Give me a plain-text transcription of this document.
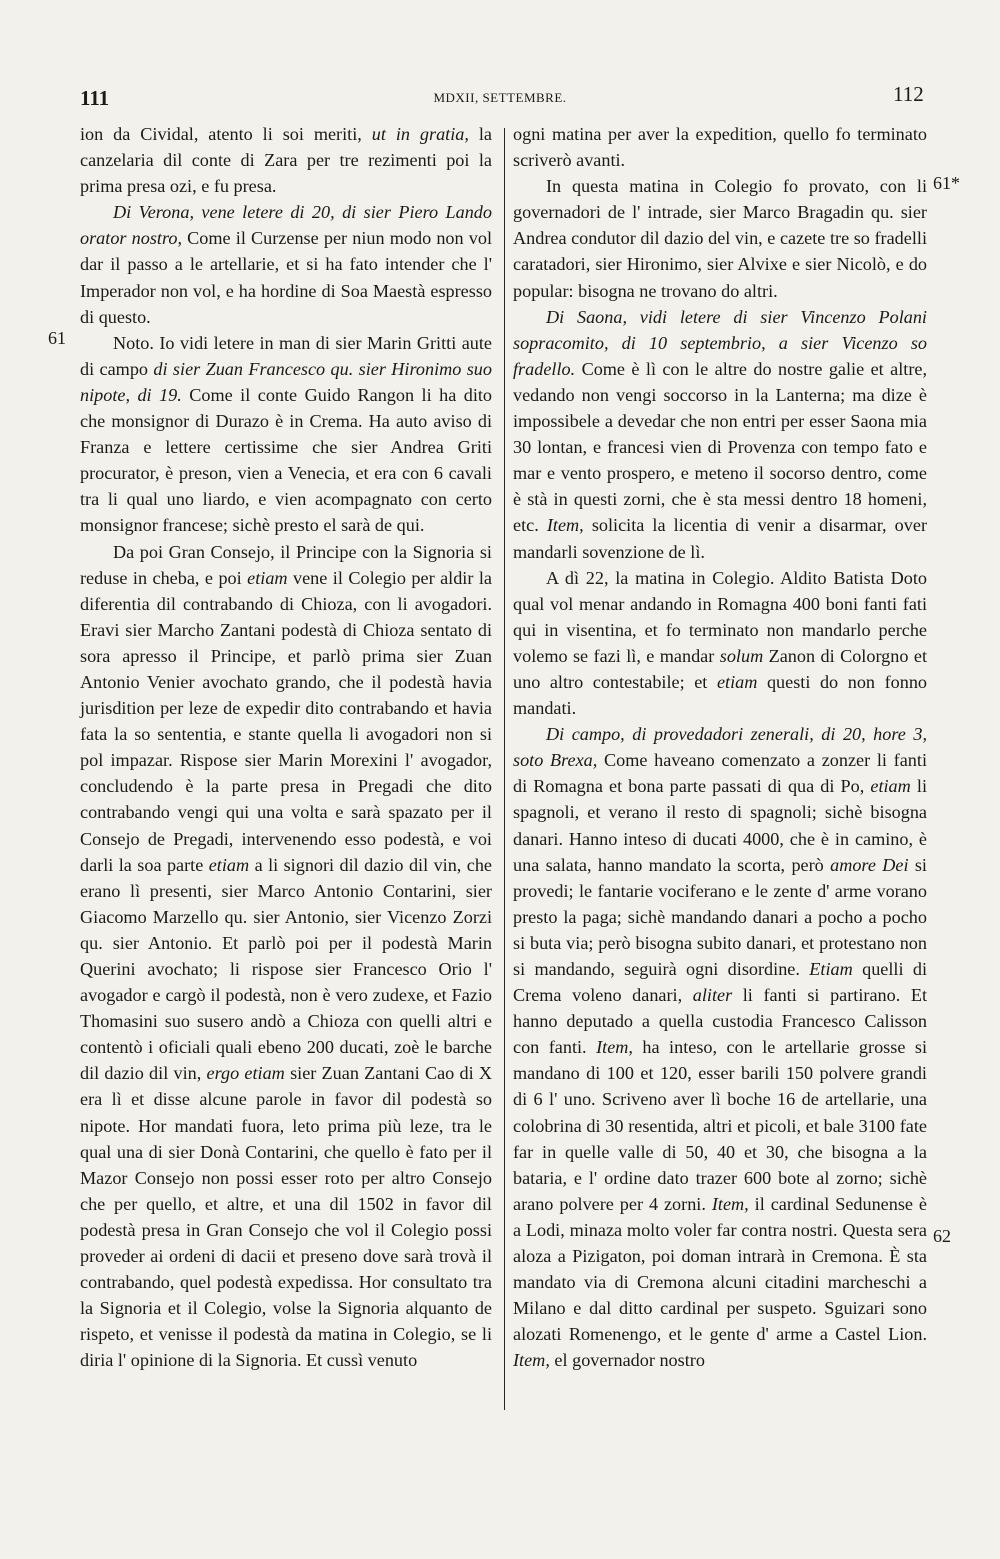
111	MDXII, SETTEMBRE.	112
61
61*
62

ion da Cividal, atento li soi meriti, ut in gratia, la canzelaria dil conte di Zara per tre rezimenti poi la prima presa ozi, e fu presa.

Di Verona, vene letere di 20, di sier Piero Lando orator nostro, Come il Curzense per niun modo non vol dar il passo a le artellarie, et si ha fato intender che l' Imperador non vol, e ha hordine di Soa Maestà espresso di questo.

Noto. Io vidi letere in man di sier Marin Gritti aute di campo di sier Zuan Francesco qu. sier Hironimo suo nipote, di 19. Come il conte Guido Rangon li ha dito che monsignor di Durazo è in Crema. Ha auto aviso di Franza e lettere certissime che sier Andrea Griti procurator, è preson, vien a Venecia, et era con 6 cavali tra li qual uno liardo, e vien acompagnato con certo monsignor francese; sichè presto el sarà de qui.

Da poi Gran Consejo, il Principe con la Signoria si reduse in cheba, e poi etiam vene il Colegio per aldir la diferentia dil contrabando di Chioza, con li avogadori. Eravi sier Marcho Zantani podestà di Chioza sentato di sora apresso il Principe, et parlò prima sier Zuan Antonio Venier avochato grando, che il podestà havia jurisdition per leze de expedir dito contrabando et havia fata la so sententia, e stante quella li avogadori non si pol impazar. Rispose sier Marin Morexini l' avogador, concludendo è la parte presa in Pregadi che dito contrabando vengi qui una volta e sarà spazato per il Consejo de Pregadi, intervenendo esso podestà, e voi darli la soa parte etiam a li signori dil dazio dil vin, che erano lì presenti, sier Marco Antonio Contarini, sier Giacomo Marzello qu. sier Antonio, sier Vicenzo Zorzi qu. sier Antonio. Et parlò poi per il podestà Marin Querini avochato; li rispose sier Francesco Orio l' avogador e cargò il podestà, non è vero zudexe, et Fazio Thomasini suo susero andò a Chioza con quelli altri e contentò i oficiali quali ebeno 200 ducati, zoè le barche dil dazio dil vin, ergo etiam sier Zuan Zantani Cao di X era lì et disse alcune parole in favor dil podestà so nipote. Hor mandati fuora, leto prima più leze, tra le qual una di sier Donà Contarini, che quello è fato per il Mazor Consejo non possi esser roto per altro Consejo che per quello, et altre, et una dil 1502 in favor dil podestà presa in Gran Consejo che vol il Colegio possi proveder ai ordeni di dacii et preseno dove sarà trovà il contrabando, quel podestà expedissa. Hor consultato tra la Signoria et il Colegio, volse la Signoria alquanto de rispeto, et venisse il podestà da matina in Colegio, se li diria l' opinione di la Signoria. Et cussì venuto

ogni matina per aver la expedition, quello fo terminato scriverò avanti.

In questa matina in Colegio fo provato, con li governadori de l' intrade, sier Marco Bragadin qu. sier Andrea condutor dil dazio del vin, e cazete tre so fradelli caratadori, sier Hironimo, sier Alvixe e sier Nicolò, e do popular: bisogna ne trovano do altri.

Di Saona, vidi letere di sier Vincenzo Polani sopracomito, di 10 septembrio, a sier Vicenzo so fradello. Come è lì con le altre do nostre galie et altre, vedando non vengi soccorso in la Lanterna; ma dize è impossibele a devedar che non entri per esser Saona mia 30 lontan, e francesi vien di Provenza con tempo fato e mar e vento prospero, e meteno il socorso dentro, come è stà in questi zorni, che è sta messi dentro 18 homeni, etc. Item, solicita la licentia di venir a disarmar, over mandarli sovenzione de lì.

A dì 22, la matina in Colegio. Aldito Batista Doto qual vol menar andando in Romagna 400 boni fanti fati qui in visentina, et fo terminato non mandarlo perche volemo se fazi lì, e mandar solum Zanon di Colorgno et uno altro contestabile; et etiam questi do non fonno mandati.

Di campo, di provedadori zenerali, di 20, hore 3, soto Brexa, Come haveano comenzato a zonzer li fanti di Romagna et bona parte passati di qua di Po, etiam li spagnoli, et verano il resto di spagnoli; sichè bisogna danari. Hanno inteso di ducati 4000, che è in camino, è una salata, hanno mandato la scorta, però amore Dei si provedi; le fantarie vociferano e le zente d' arme vorano presto la paga; sichè mandando danari a pocho a pocho si buta via; però bisogna subito danari, et protestano non si mandando, seguirà ogni disordine. Etiam quelli di Crema voleno danari, aliter li fanti si partirano. Et hanno deputado a quella custodia Francesco Calisson con fanti. Item, ha inteso, con le artellarie grosse si mandano di 100 et 120, esser barili 150 polvere grandi di 6 l' uno. Scriveno aver lì boche 16 de artellarie, una colobrina di 30 resentida, altri et picoli, et bale 3100 fate far in quelle valle di 50, 40 et 30, che bisogna a la bataria, e l' ordine dato trazer 600 bote al zorno; sichè arano polvere per 4 zorni. Item, il cardinal Sedunense è a Lodi, minaza molto voler far contra nostri. Questa sera aloza a Pizigaton, poi doman intrarà in Cremona. È sta mandato via di Cremona alcuni citadini marcheschi a Milano e dal ditto cardinal per suspeto. Sguizari sono alozati Romenengo, et le gente d' arme a Castel Lion. Item, el governador nostro
